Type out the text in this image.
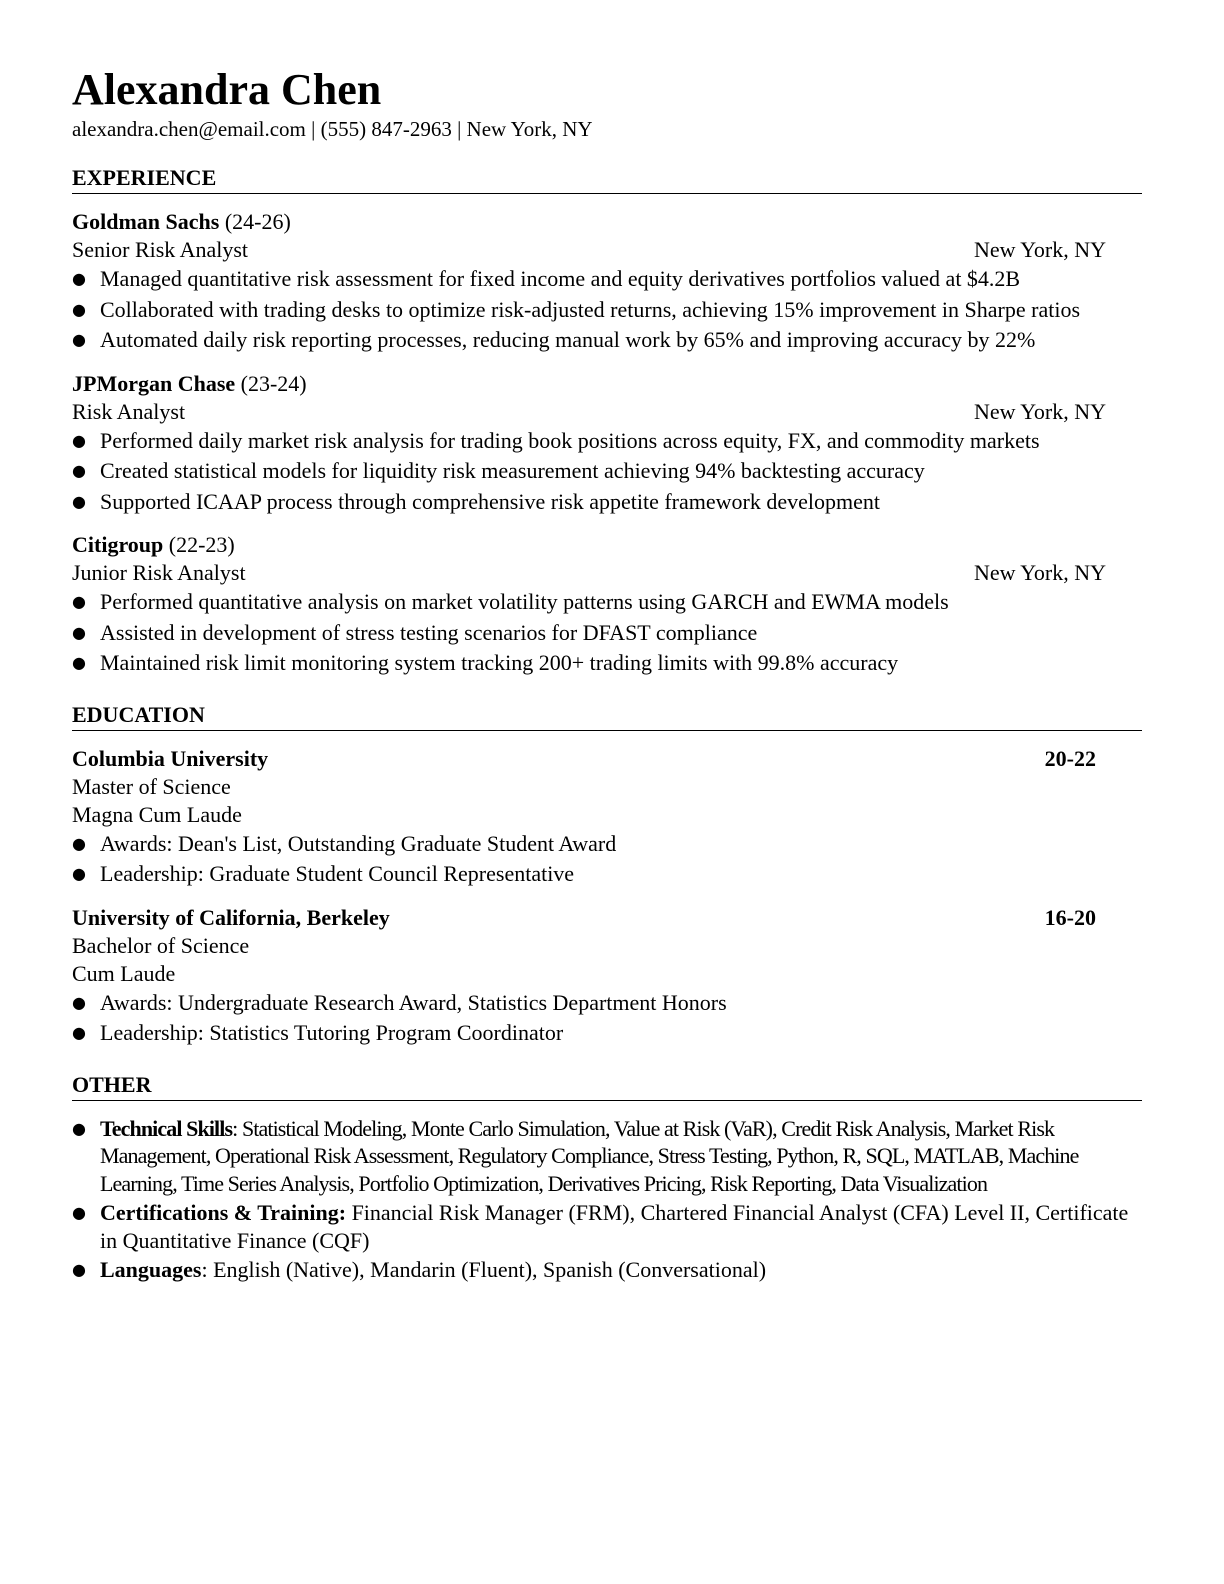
Alexandra Chen
alexandra.chen@email.com | (555) 847-2963 | New York, NY
EXPERIENCE
Goldman Sachs (24-26)
Senior Risk Analyst	New York, NY
● Managed quantitative risk assessment for fixed income and equity derivatives portfolios valued at $4.2B
● Collaborated with trading desks to optimize risk-adjusted returns, achieving 15% improvement in Sharpe ratios
● Automated daily risk reporting processes, reducing manual work by 65% and improving accuracy by 22%
JPMorgan Chase (23-24)
Risk Analyst	New York, NY
● Performed daily market risk analysis for trading book positions across equity, FX, and commodity markets
● Created statistical models for liquidity risk measurement achieving 94% backtesting accuracy
● Supported ICAAP process through comprehensive risk appetite framework development
Citigroup (22-23)
Junior Risk Analyst	New York, NY
● Performed quantitative analysis on market volatility patterns using GARCH and EWMA models
● Assisted in development of stress testing scenarios for DFAST compliance
● Maintained risk limit monitoring system tracking 200+ trading limits with 99.8% accuracy
EDUCATION
Columbia University	20-22
Master of Science
Magna Cum Laude
● Awards: Dean's List, Outstanding Graduate Student Award
● Leadership: Graduate Student Council Representative
University of California, Berkeley	16-20
Bachelor of Science
Cum Laude
● Awards: Undergraduate Research Award, Statistics Department Honors
● Leadership: Statistics Tutoring Program Coordinator
OTHER
● Technical Skills: Statistical Modeling, Monte Carlo Simulation, Value at Risk (VaR), Credit Risk Analysis, Market Risk Management, Operational Risk Assessment, Regulatory Compliance, Stress Testing, Python, R, SQL, MATLAB, Machine Learning, Time Series Analysis, Portfolio Optimization, Derivatives Pricing, Risk Reporting, Data Visualization
● Certifications & Training: Financial Risk Manager (FRM), Chartered Financial Analyst (CFA) Level II, Certificate in Quantitative Finance (CQF)
● Languages: English (Native), Mandarin (Fluent), Spanish (Conversational)
